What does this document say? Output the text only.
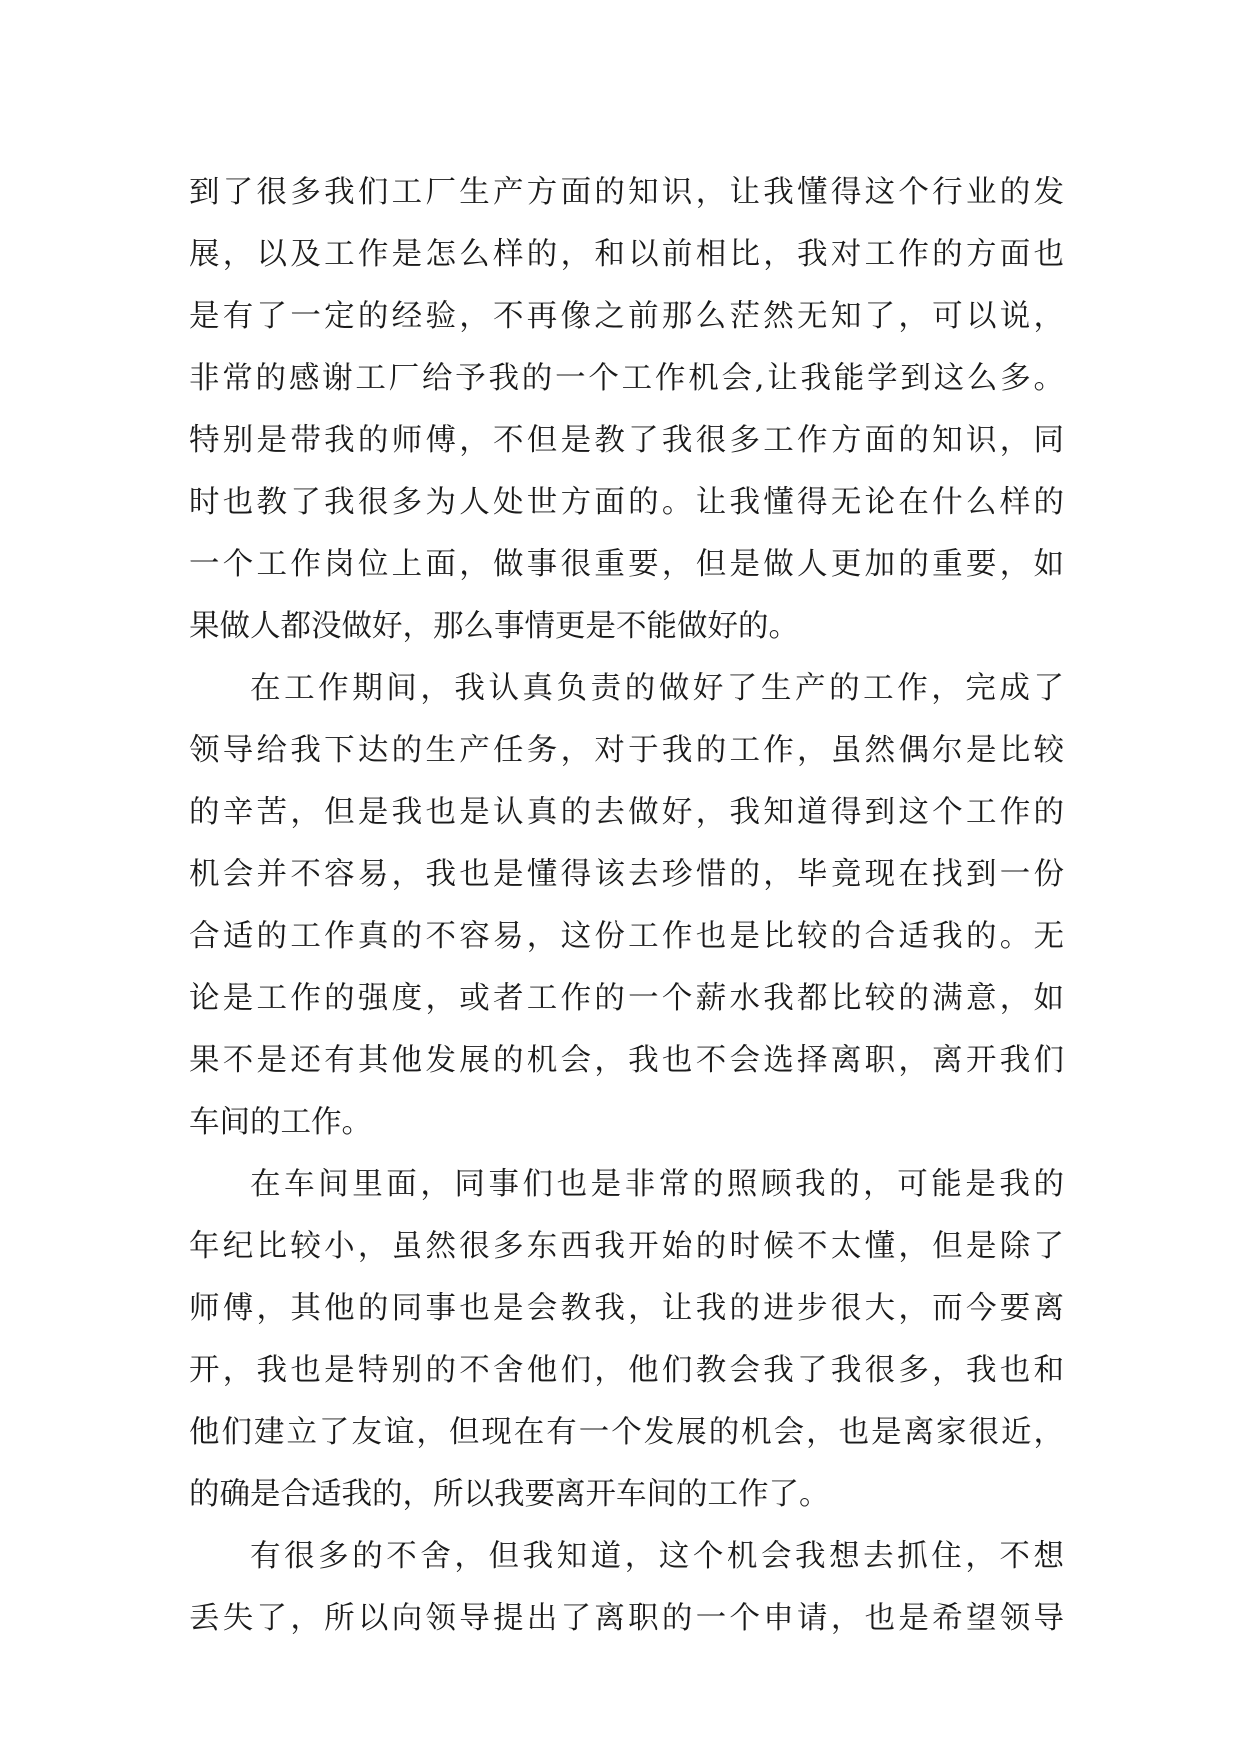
到了很多我们工厂生产方面的知识，让我懂得这个行业的发
展，以及工作是怎么样的，和以前相比，我对工作的方面也
是有了一定的经验，不再像之前那么茫然无知了，可以说，
非常的感谢工厂给予我的一个工作机会,让我能学到这么多。
特别是带我的师傅，不但是教了我很多工作方面的知识，同
时也教了我很多为人处世方面的。让我懂得无论在什么样的
一个工作岗位上面，做事很重要，但是做人更加的重要，如
果做人都没做好，那么事情更是不能做好的。
在工作期间，我认真负责的做好了生产的工作，完成了
领导给我下达的生产任务，对于我的工作，虽然偶尔是比较
的辛苦，但是我也是认真的去做好，我知道得到这个工作的
机会并不容易，我也是懂得该去珍惜的，毕竟现在找到一份
合适的工作真的不容易，这份工作也是比较的合适我的。无
论是工作的强度，或者工作的一个薪水我都比较的满意，如
果不是还有其他发展的机会，我也不会选择离职，离开我们
车间的工作。
在车间里面，同事们也是非常的照顾我的，可能是我的
年纪比较小，虽然很多东西我开始的时候不太懂，但是除了
师傅，其他的同事也是会教我，让我的进步很大，而今要离
开，我也是特别的不舍他们，他们教会我了我很多，我也和
他们建立了友谊，但现在有一个发展的机会，也是离家很近，
的确是合适我的，所以我要离开车间的工作了。
有很多的不舍，但我知道，这个机会我想去抓住，不想
丢失了，所以向领导提出了离职的一个申请，也是希望领导
